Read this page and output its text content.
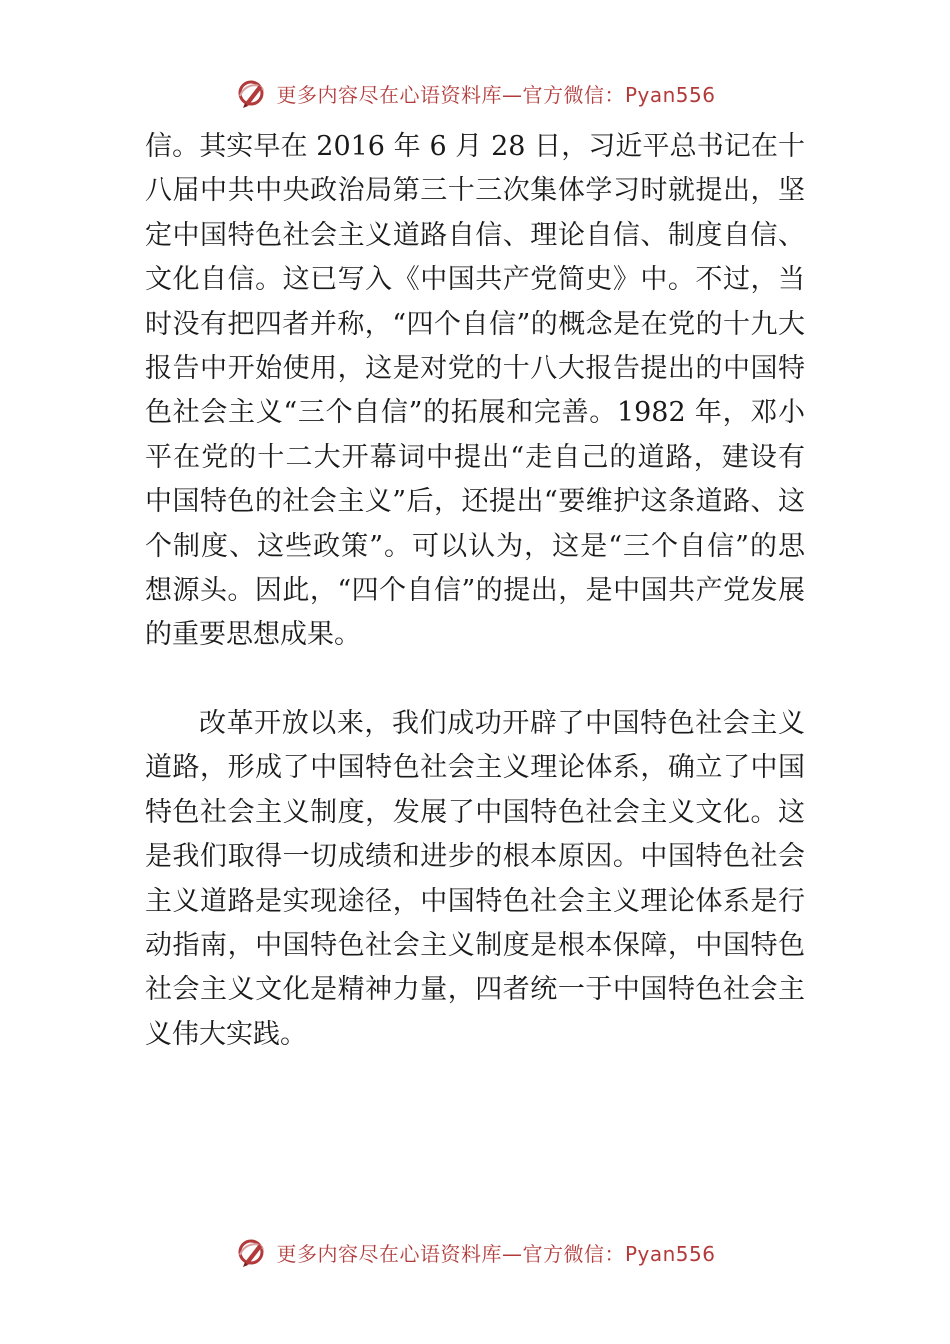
更多内容尽在心语资料库—官方微信：Pyan556

信。其实早在 2016 年 6 月 28 日，习近平总书记在十八届中共中央政治局第三十三次集体学习时就提出，坚定中国特色社会主义道路自信、理论自信、制度自信、文化自信。这已写入《中国共产党简史》中。不过，当时没有把四者并称，“四个自信”的概念是在党的十九大报告中开始使用，这是对党的十八大报告提出的中国特色社会主义“三个自信”的拓展和完善。1982 年，邓小平在党的十二大开幕词中提出“走自己的道路，建设有中国特色的社会主义”后，还提出“要维护这条道路、这个制度、这些政策”。可以认为，这是“三个自信”的思想源头。因此，“四个自信”的提出，是中国共产党发展的重要思想成果。

改革开放以来，我们成功开辟了中国特色社会主义道路，形成了中国特色社会主义理论体系，确立了中国特色社会主义制度，发展了中国特色社会主义文化。这是我们取得一切成绩和进步的根本原因。中国特色社会主义道路是实现途径，中国特色社会主义理论体系是行动指南，中国特色社会主义制度是根本保障，中国特色社会主义文化是精神力量，四者统一于中国特色社会主义伟大实践。

更多内容尽在心语资料库—官方微信：Pyan556
